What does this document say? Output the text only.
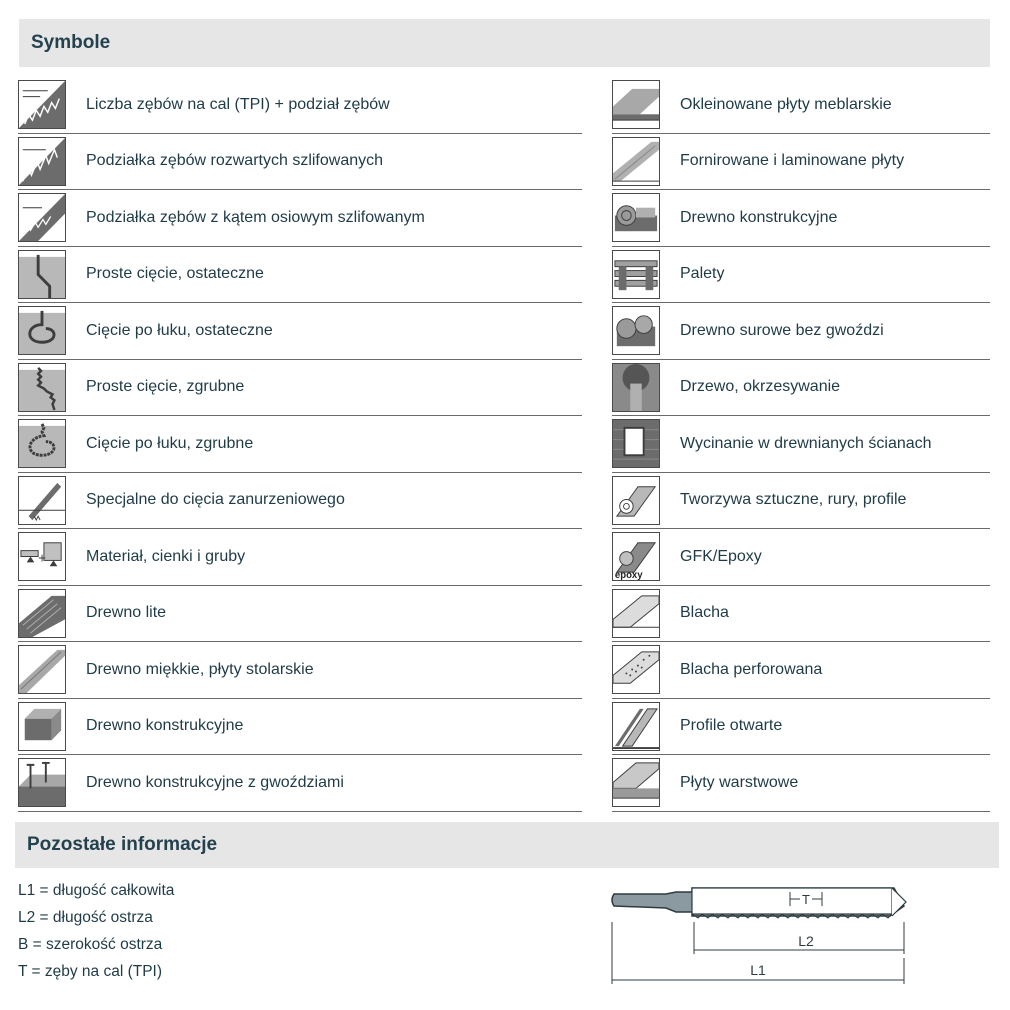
Symbole
Liczba zębów na cal (TPI) + podział zębów
Podziałka zębów rozwartych szlifowanych
Podziałka zębów z kątem osiowym szlifowanym
Proste cięcie, ostateczne
Cięcie po łuku, ostateczne
Proste cięcie, zgrubne
Cięcie po łuku, zgrubne
Specjalne do cięcia zanurzeniowego
+ Materiał, cienki i gruby
Drewno lite
Drewno miękkie, płyty stolarskie
Drewno konstrukcyjne
Drewno konstrukcyjne z gwoździami
Okleinowane płyty meblarskie
Fornirowane i laminowane płyty
Drewno konstrukcyjne
Palety
Drewno surowe bez gwoździ
Drzewo, okrzesywanie
Wycinanie w drewnianych ścianach
Tworzywa sztuczne, rury, profile
epoxy
GFK/Epoxy
Blacha
Blacha perforowana
Profile otwarte
Płyty warstwowe
Pozostałe informacje
L1 = długość całkowita
L2 = długość ostrza
B = szerokość ostrza
T = zęby na cal (TPI)
T
L2
L1
